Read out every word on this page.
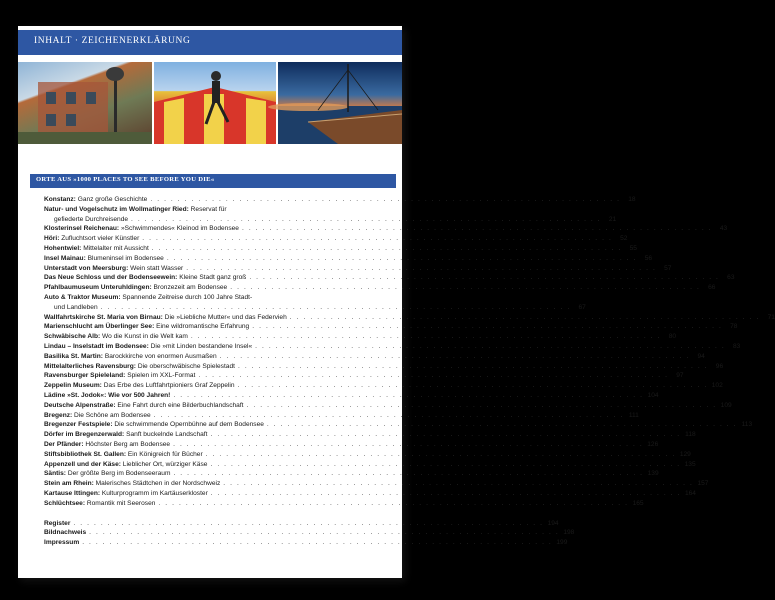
INHALT · ZEICHENERKLÄRUNG
ORTE AUS »1000 PLACES TO SEE BEFORE YOU DIE«
Konstanz: Ganz große Geschichte . . . . . . . . . . . . . . . . . . . . . . . . . . . . . . . . . . . . . . . . . . . . . . . . . . . . . . . . . . . . . . . . . . . . .	18
Natur- und Vogelschutz im Wollmatinger Ried: Reservat für
gefiederte Durchreisende . . . . . . . . . . . . . . . . . . . . . . . . . . . . . . . . . . . . . . . . . . . . . . . . . . . . . . . . . . . . . . . . . . . . .	21
Klosterinsel Reichenau: »Schwimmendes« Kleinod im Bodensee . . . . . . . . . . . . . . . . . . . . . . . . . . . . . . . . . . . . . . . . . . . . . . . . . . . . . . . . . . . . . . . . . . . . .	43
Höri: Zufluchtsort vieler Künstler . . . . . . . . . . . . . . . . . . . . . . . . . . . . . . . . . . . . . . . . . . . . . . . . . . . . . . . . . . . . . . . . . . . . .	52
Hohentwiel: Mittelalter mit Aussicht . . . . . . . . . . . . . . . . . . . . . . . . . . . . . . . . . . . . . . . . . . . . . . . . . . . . . . . . . . . . . . . . . . . . .	55
Insel Mainau: Blumeninsel im Bodensee . . . . . . . . . . . . . . . . . . . . . . . . . . . . . . . . . . . . . . . . . . . . . . . . . . . . . . . . . . . . . . . . . . . . .	56
Unterstadt von Meersburg: Wein statt Wasser . . . . . . . . . . . . . . . . . . . . . . . . . . . . . . . . . . . . . . . . . . . . . . . . . . . . . . . . . . . . . . . . . . . . .	57
Das Neue Schloss und der Bodenseewein: Kleine Stadt ganz groß . . . . . . . . . . . . . . . . . . . . . . . . . . . . . . . . . . . . . . . . . . . . . . . . . . . . . . . . . . . . . . . . . . . . .	63
Pfahlbaumuseum Unteruhldingen: Bronzezeit am Bodensee . . . . . . . . . . . . . . . . . . . . . . . . . . . . . . . . . . . . . . . . . . . . . . . . . . . . . . . . . . . . . . . . . . . . .	66
Auto & Traktor Museum: Spannende Zeitreise durch 100 Jahre Stadt-
und Landleben . . . . . . . . . . . . . . . . . . . . . . . . . . . . . . . . . . . . . . . . . . . . . . . . . . . . . . . . . . . . . . . . . . . . .	67
Wallfahrtskirche St. Maria von Birnau: Die »Liebliche Mutter« und das Federvieh . . . . . . . . . . . . . . . . . . . . . . . . . . . . . . . . . . . . . . . . . . . . . . . . . . . . . . . . . . . . . . . . . . . . .	71
Marienschlucht am Überlinger See: Eine wildromantische Erfahrung . . . . . . . . . . . . . . . . . . . . . . . . . . . . . . . . . . . . . . . . . . . . . . . . . . . . . . . . . . . . . . . . . . . . .	78
Schwäbische Alb: Wo die Kunst in die Welt kam . . . . . . . . . . . . . . . . . . . . . . . . . . . . . . . . . . . . . . . . . . . . . . . . . . . . . . . . . . . . . . . . . . . . .	80
Lindau – Inselstadt im Bodensee: Die »mit Linden bestandene Insel« . . . . . . . . . . . . . . . . . . . . . . . . . . . . . . . . . . . . . . . . . . . . . . . . . . . . . . . . . . . . . . . . . . . . .	83
Basilika St. Martin: Barockkirche von enormen Ausmaßen . . . . . . . . . . . . . . . . . . . . . . . . . . . . . . . . . . . . . . . . . . . . . . . . . . . . . . . . . . . . . . . . . . . . .	94
Mittelalterliches Ravensburg: Die oberschwäbische Spielestadt . . . . . . . . . . . . . . . . . . . . . . . . . . . . . . . . . . . . . . . . . . . . . . . . . . . . . . . . . . . . . . . . . . . . .	96
Ravensburger Spieleland: Spielen im XXL-Format . . . . . . . . . . . . . . . . . . . . . . . . . . . . . . . . . . . . . . . . . . . . . . . . . . . . . . . . . . . . . . . . . . . . .	97
Zeppelin Museum: Das Erbe des Luftfahrtpioniers Graf Zeppelin . . . . . . . . . . . . . . . . . . . . . . . . . . . . . . . . . . . . . . . . . . . . . . . . . . . . . . . . . . . . . . . . . . . . . 102
Lädine »St. Jodok«: Wie vor 500 Jahren! . . . . . . . . . . . . . . . . . . . . . . . . . . . . . . . . . . . . . . . . . . . . . . . . . . . . . . . . . . . . . . . . . . . . . 104
Deutsche Alpenstraße: Eine Fahrt durch eine Bilderbuchlandschaft . . . . . . . . . . . . . . . . . . . . . . . . . . . . . . . . . . . . . . . . . . . . . . . . . . . . . . . . . . . . . . . . . . . . . 109
Bregenz: Die Schöne am Bodensee . . . . . . . . . . . . . . . . . . . . . . . . . . . . . . . . . . . . . . . . . . . . . . . . . . . . . . . . . . . . . . . . . . . . . 111
Bregenzer Festspiele: Die schwimmende Opernbühne auf dem Bodensee . . . . . . . . . . . . . . . . . . . . . . . . . . . . . . . . . . . . . . . . . . . . . . . . . . . . . . . . . . . . . . . . . . . . . 113
Dörfer im Bregenzerwald: Sanft buckelnde Landschaft . . . . . . . . . . . . . . . . . . . . . . . . . . . . . . . . . . . . . . . . . . . . . . . . . . . . . . . . . . . . . . . . . . . . . 118
Der Pfänder: Höchster Berg am Bodensee . . . . . . . . . . . . . . . . . . . . . . . . . . . . . . . . . . . . . . . . . . . . . . . . . . . . . . . . . . . . . . . . . . . . . 126
Stiftsbibliothek St. Gallen: Ein Königreich für Bücher . . . . . . . . . . . . . . . . . . . . . . . . . . . . . . . . . . . . . . . . . . . . . . . . . . . . . . . . . . . . . . . . . . . . . 129
Appenzell und der Käse: Lieblicher Ort, würziger Käse . . . . . . . . . . . . . . . . . . . . . . . . . . . . . . . . . . . . . . . . . . . . . . . . . . . . . . . . . . . . . . . . . . . . . 135
Säntis: Der größte Berg im Bodenseeraum . . . . . . . . . . . . . . . . . . . . . . . . . . . . . . . . . . . . . . . . . . . . . . . . . . . . . . . . . . . . . . . . . . . . . 139
Stein am Rhein: Malerisches Städtchen in der Nordschweiz . . . . . . . . . . . . . . . . . . . . . . . . . . . . . . . . . . . . . . . . . . . . . . . . . . . . . . . . . . . . . . . . . . . . . 157
Kartause Ittingen: Kulturprogramm im Kartäuserkloster . . . . . . . . . . . . . . . . . . . . . . . . . . . . . . . . . . . . . . . . . . . . . . . . . . . . . . . . . . . . . . . . . . . . . 164
Schlüchtsee: Romantik mit Seerosen . . . . . . . . . . . . . . . . . . . . . . . . . . . . . . . . . . . . . . . . . . . . . . . . . . . . . . . . . . . . . . . . . . . . . 165
Register . . . . . . . . . . . . . . . . . . . . . . . . . . . . . . . . . . . . . . . . . . . . . . . . . . . . . . . . . . . . . . . . . . . . . 194
Bildnachweis . . . . . . . . . . . . . . . . . . . . . . . . . . . . . . . . . . . . . . . . . . . . . . . . . . . . . . . . . . . . . . . . . . . . . 198
Impressum . . . . . . . . . . . . . . . . . . . . . . . . . . . . . . . . . . . . . . . . . . . . . . . . . . . . . . . . . . . . . . . . . . . . . 199
